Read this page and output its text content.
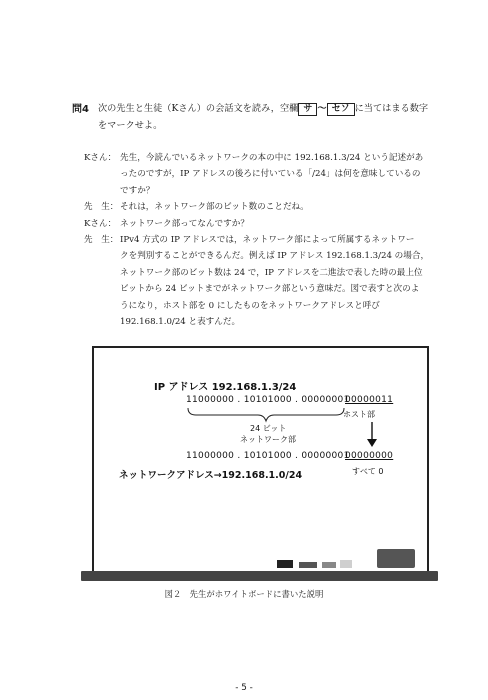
問4 次の先生と生徒（Kさん）の会話文を読み，空欄 サ 〜 セソ に当てはまる数字
をマークせよ。
Kさん： 先生，今読んでいるネットワークの本の中に 192.168.1.3/24 という記述があ
ったのですが，IP アドレスの後ろに付いている「/24」は何を意味しているの
ですか？
先　生： それは，ネットワーク部のビット数のことだね。
Kさん： ネットワーク部ってなんですか？
先　生： IPv4 方式の IP アドレスでは，ネットワーク部によって所属するネットワー
クを判別することができるんだ。例えば IP アドレス 192.168.1.3/24 の場合，
ネットワーク部のビット数は 24 で，IP アドレスを二進法で表した時の最上位
ビットから 24 ビットまでがネットワーク部という意味だ。図で表すと次のよ
うになり，ホスト部を 0 にしたものをネットワークアドレスと呼び
192.168.1.0/24 と表すんだ。
IP アドレス 192.168.1.3/24
11000000 . 10101000 . 00000001 .
00000011
ホスト部
24 ビット
ネットワーク部
11000000 . 10101000 . 00000001 .
00000000
ネットワークアドレス→192.168.1.0/24	すべて 0
図２　先生がホワイトボードに書いた説明
- 5 -
